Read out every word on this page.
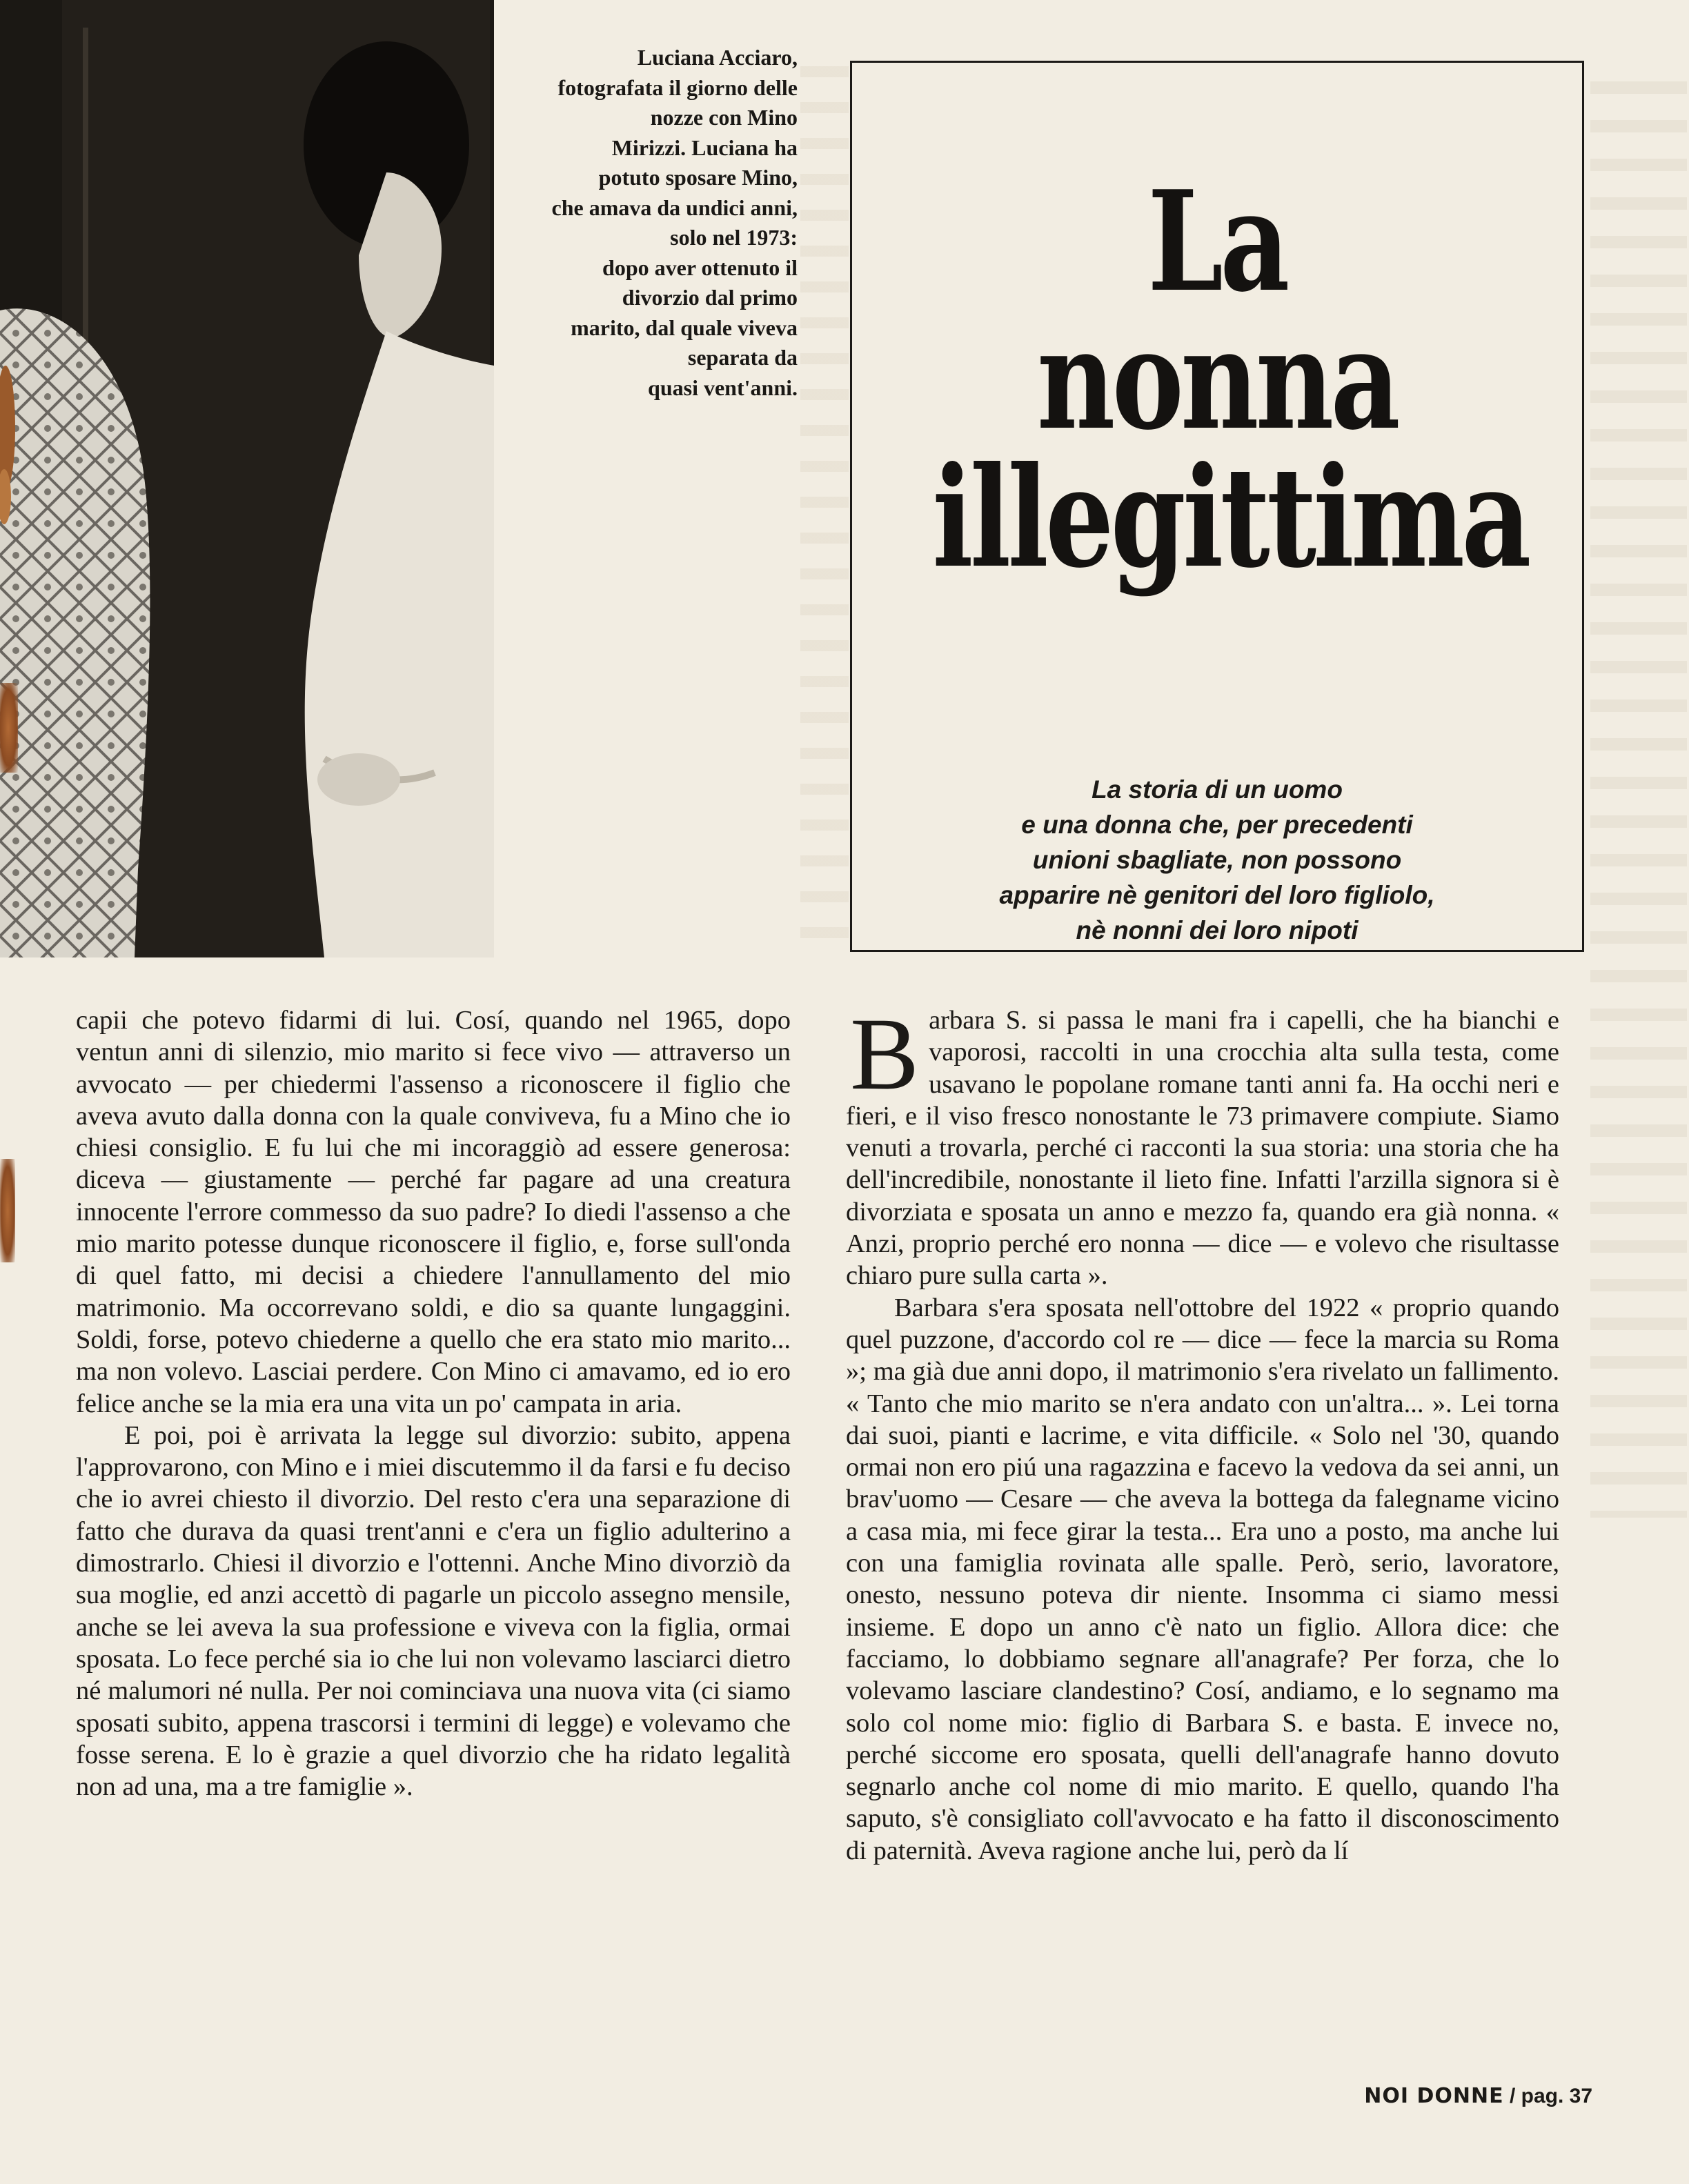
Luciana Acciaro,
fotografata il giorno delle
nozze con Mino
Mirizzi. Luciana ha
potuto sposare Mino,
che amava da undici anni,
solo nel 1973:
dopo aver ottenuto il
divorzio dal primo
marito, dal quale viveva
separata da
quasi vent'anni.
La
nonna
illegittima
La storia di un uomo
e una donna che, per precedenti
unioni sbagliate, non possono
apparire nè genitori del loro figliolo,
nè nonni dei loro nipoti

capii che potevo fidarmi di lui. Cosí, quando nel 1965, dopo ventun anni di silenzio, mio marito si fece vivo — attraverso un avvocato — per chiedermi l'assenso a riconoscere il figlio che aveva avuto dalla donna con la quale conviveva, fu a Mino che io chiesi consiglio. E fu lui che mi incoraggiò ad essere generosa: diceva — giustamente — perché far pagare ad una creatura innocente l'errore commesso da suo padre? Io diedi l'assenso a che mio marito potesse dunque riconoscere il figlio, e, forse sull'onda di quel fatto, mi decisi a chiedere l'annullamento del mio matrimonio. Ma occorrevano soldi, e dio sa quante lungaggini. Soldi, forse, potevo chiederne a quello che era stato mio marito... ma non volevo. Lasciai perdere. Con Mino ci amavamo, ed io ero felice anche se la mia era una vita un po' campata in aria.

E poi, poi è arrivata la legge sul divorzio: subito, appena l'approvarono, con Mino e i miei discutemmo il da farsi e fu deciso che io avrei chiesto il divorzio. Del resto c'era una separazione di fatto che durava da quasi trent'anni e c'era un figlio adulterino a dimostrarlo. Chiesi il divorzio e l'ottenni. Anche Mino divorziò da sua moglie, ed anzi accettò di pagarle un piccolo assegno mensile, anche se lei aveva la sua professione e viveva con la figlia, ormai sposata. Lo fece perché sia io che lui non volevamo lasciarci dietro né malumori né nulla. Per noi cominciava una nuova vita (ci siamo sposati subito, appena trascorsi i termini di legge) e volevamo che fosse serena. E lo è grazie a quel divorzio che ha ridato legalità non ad una, ma a tre famiglie ».

Barbara S. si passa le mani fra i capelli, che ha bianchi e vaporosi, raccolti in una crocchia alta sulla testa, come usavano le popolane romane tanti anni fa. Ha occhi neri e fieri, e il viso fresco nonostante le 73 primavere compiute. Siamo venuti a trovarla, perché ci racconti la sua storia: una storia che ha dell'incredibile, nonostante il lieto fine. Infatti l'arzilla signora si è divorziata e sposata un anno e mezzo fa, quando era già nonna. « Anzi, proprio perché ero nonna — dice — e volevo che risultasse chiaro pure sulla carta ».

Barbara s'era sposata nell'ottobre del 1922 « proprio quando quel puzzone, d'accordo col re — dice — fece la marcia su Roma »; ma già due anni dopo, il matrimonio s'era rivelato un fallimento. « Tanto che mio marito se n'era andato con un'altra... ». Lei torna dai suoi, pianti e lacrime, e vita difficile. « Solo nel '30, quando ormai non ero piú una ragazzina e facevo la vedova da sei anni, un brav'uomo — Cesare — che aveva la bottega da falegname vicino a casa mia, mi fece girar la testa... Era uno a posto, ma anche lui con una famiglia rovinata alle spalle. Però, serio, lavoratore, onesto, nessuno poteva dir niente. Insomma ci siamo messi insieme. E dopo un anno c'è nato un figlio. Allora dice: che facciamo, lo dobbiamo segnare all'anagrafe? Per forza, che lo volevamo lasciare clandestino? Cosí, andiamo, e lo segnamo ma solo col nome mio: figlio di Barbara S. e basta. E invece no, perché siccome ero sposata, quelli dell'anagrafe hanno dovuto segnarlo anche col nome di mio marito. E quello, quando l'ha saputo, s'è consigliato coll'avvocato e ha fatto il disconoscimento di paternità. Aveva ragione anche lui, però da lí

NOI DONNE / pag. 37
